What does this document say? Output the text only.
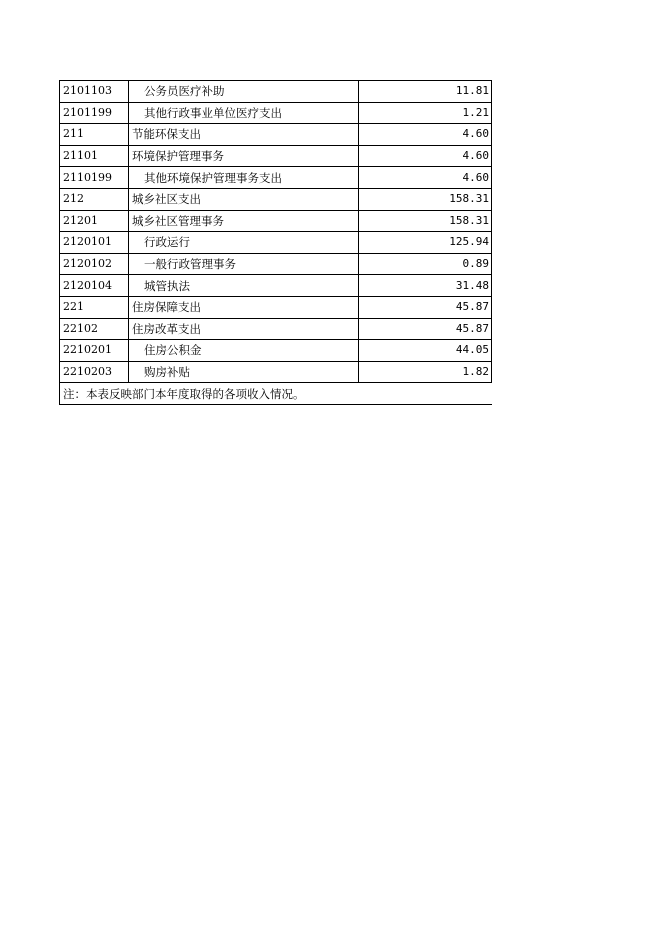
2101103	公务员医疗补助	11.81
2101199	其他行政事业单位医疗支出	1.21
211	节能环保支出	4.60
21101	环境保护管理事务	4.60
2110199	其他环境保护管理事务支出	4.60
212	城乡社区支出	158.31
21201	城乡社区管理事务	158.31
2120101	行政运行	125.94
2120102	一般行政管理事务	0.89
2120104	城管执法	31.48
221	住房保障支出	45.87
22102	住房改革支出	45.87
2210201	住房公积金	44.05
2210203	购房补贴	1.82
注：本表反映部门本年度取得的各项收入情况。		
